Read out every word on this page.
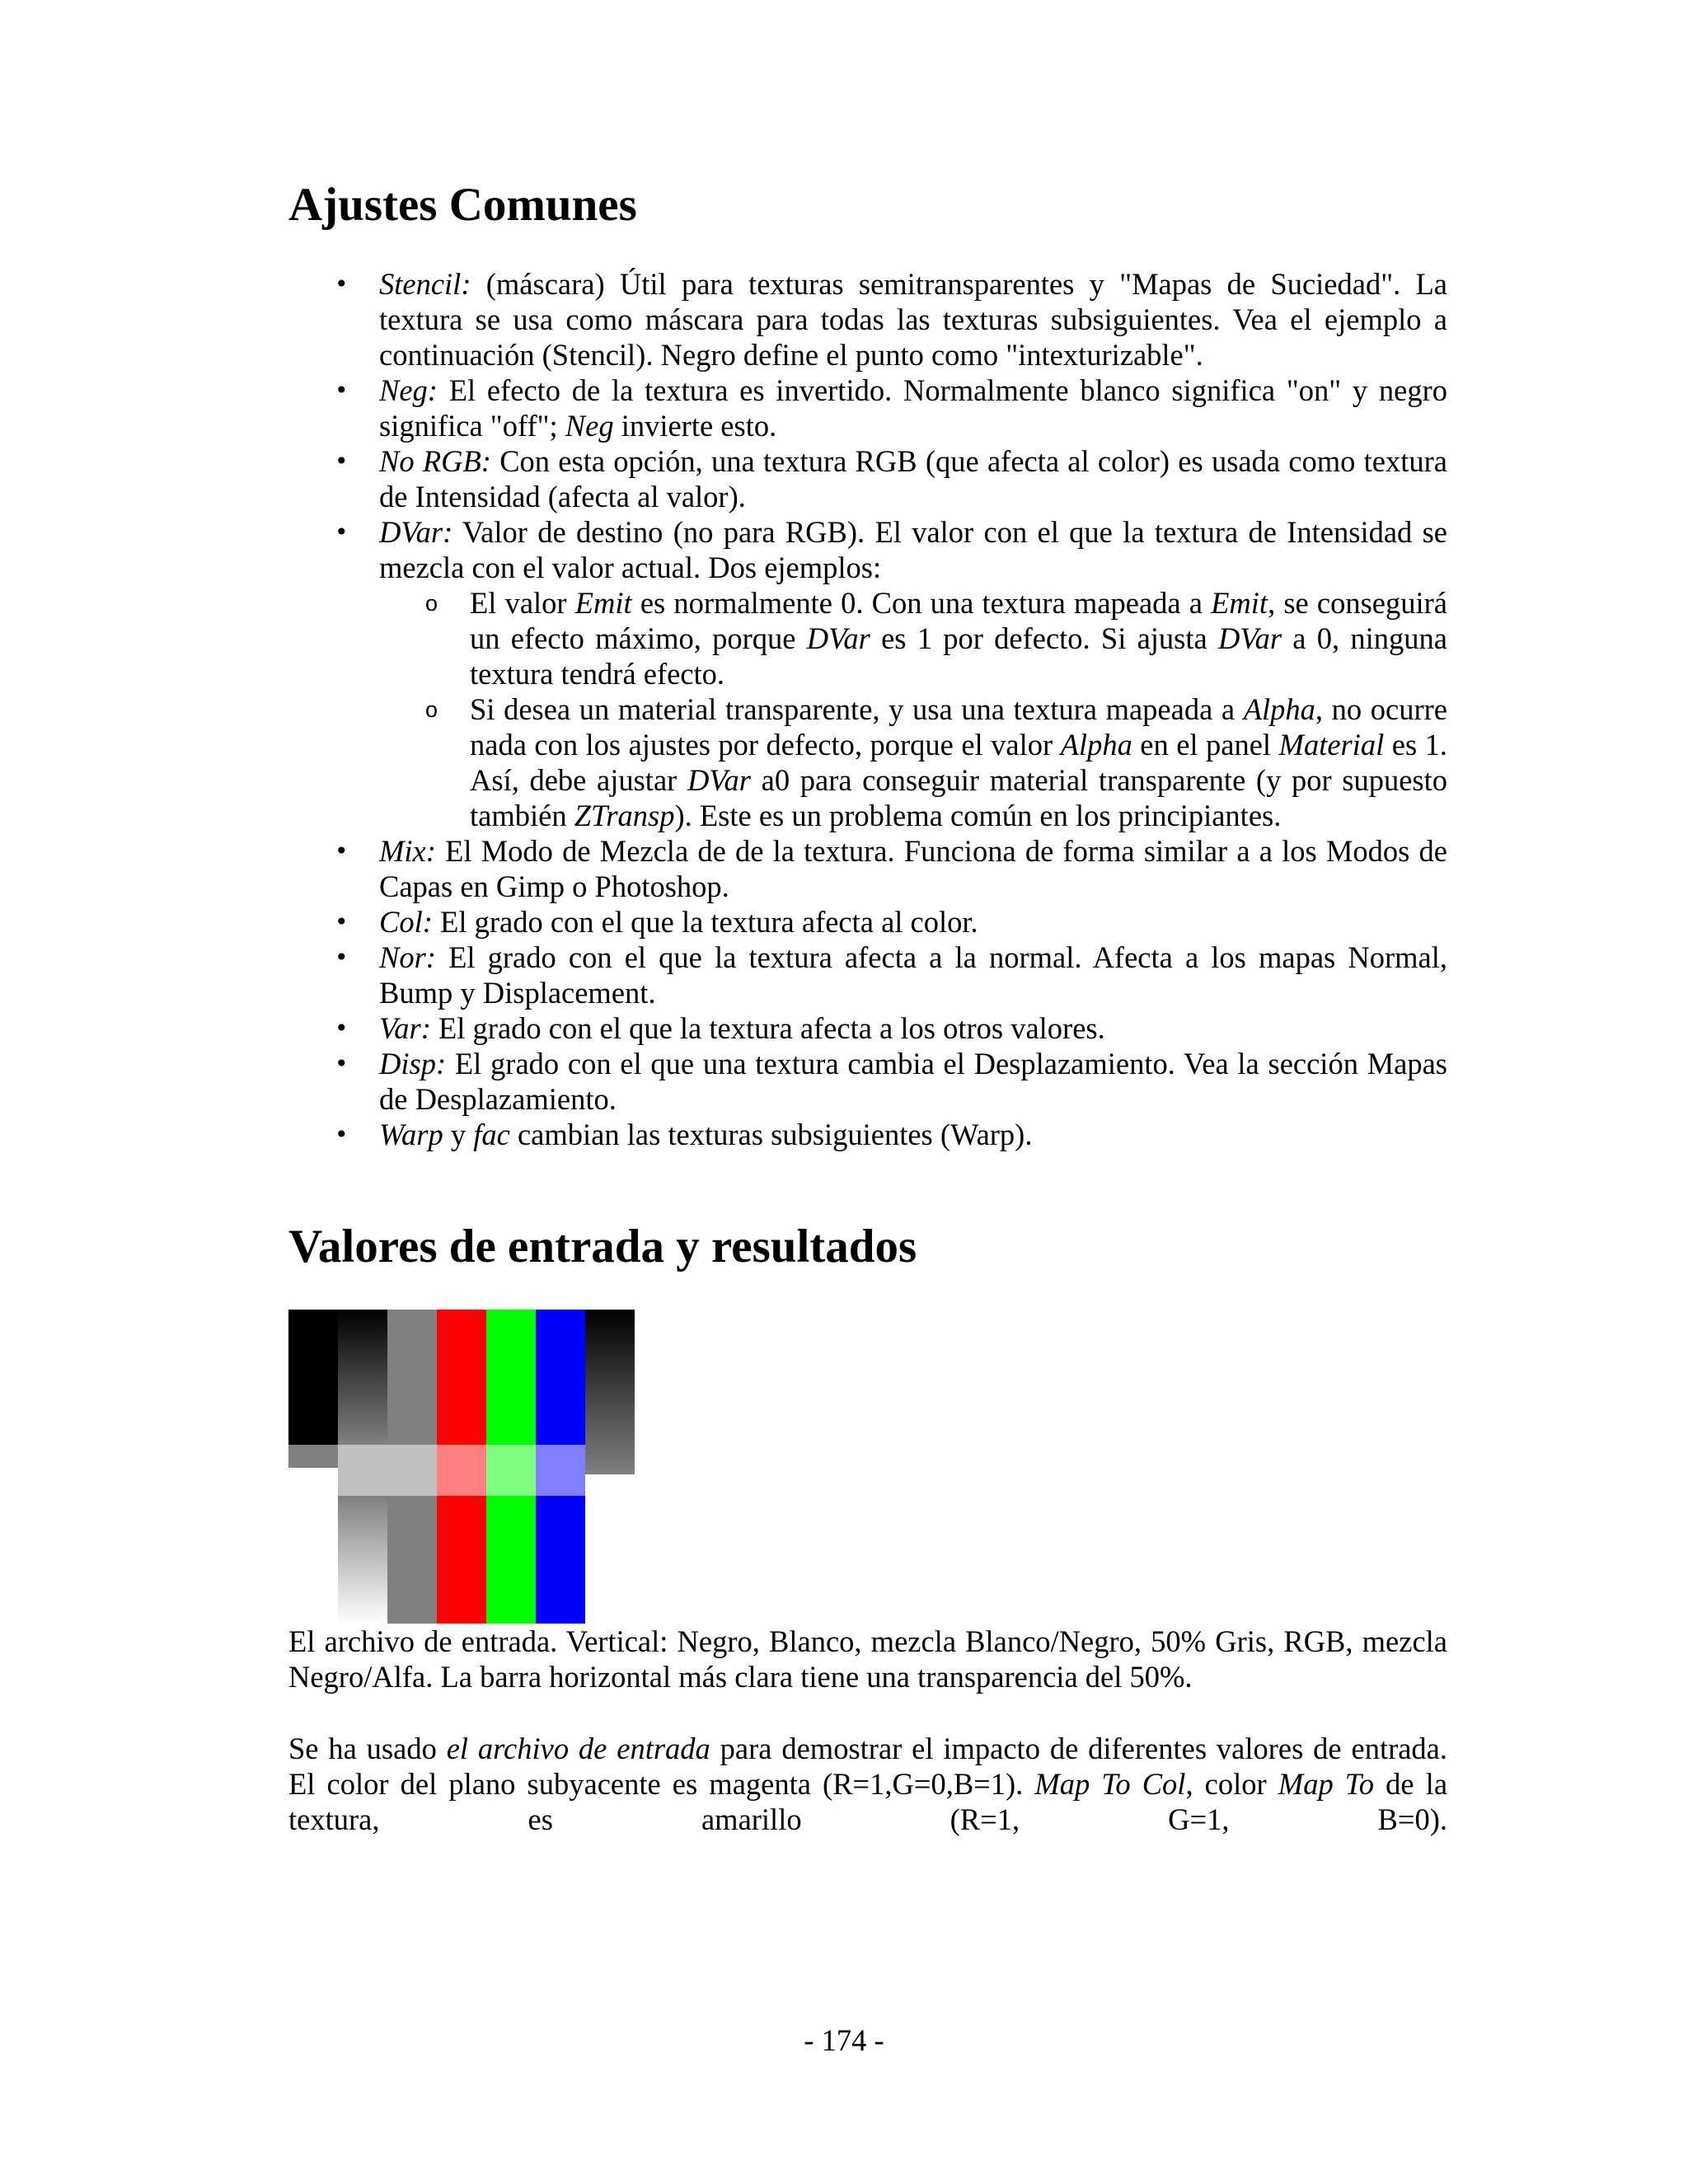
Ajustes Comunes

• Stencil: (máscara) Útil para texturas semitransparentes y "Mapas de Suciedad". La textura se usa como máscara para todas las texturas subsiguientes. Vea el ejemplo a continuación (Stencil). Negro define el punto como "intexturizable".

• Neg: El efecto de la textura es invertido. Normalmente blanco significa "on" y negro significa "off"; Neg invierte esto.

• No RGB: Con esta opción, una textura RGB (que afecta al color) es usada como textura de Intensidad (afecta al valor).

• DVar: Valor de destino (no para RGB). El valor con el que la textura de Intensidad se mezcla con el valor actual. Dos ejemplos:

o El valor Emit es normalmente 0. Con una textura mapeada a Emit, se conseguirá un efecto máximo, porque DVar es 1 por defecto. Si ajusta DVar a 0, ninguna textura tendrá efecto.

o Si desea un material transparente, y usa una textura mapeada a Alpha, no ocurre nada con los ajustes por defecto, porque el valor Alpha en el panel Material es 1. Así, debe ajustar DVar a0 para conseguir material transparente (y por supuesto también ZTransp). Este es un problema común en los principiantes.

• Mix: El Modo de Mezcla de de la textura. Funciona de forma similar a a los Modos de Capas en Gimp o Photoshop.

• Col: El grado con el que la textura afecta al color.

• Nor: El grado con el que la textura afecta a la normal. Afecta a los mapas Normal, Bump y Displacement.

• Var: El grado con el que la textura afecta a los otros valores.

• Disp: El grado con el que una textura cambia el Desplazamiento. Vea la sección Mapas de Desplazamiento.

• Warp y fac cambian las texturas subsiguientes (Warp).

Valores de entrada y resultados

El archivo de entrada. Vertical: Negro, Blanco, mezcla Blanco/Negro, 50% Gris, RGB, mezcla Negro/Alfa. La barra horizontal más clara tiene una transparencia del 50%.

Se ha usado el archivo de entrada para demostrar el impacto de diferentes valores de entrada. El color del plano subyacente es magenta (R=1,G=0,B=1). Map To Col, color Map To de la textura, es amarillo (R=1, G=1, B=0).

- 174 -
